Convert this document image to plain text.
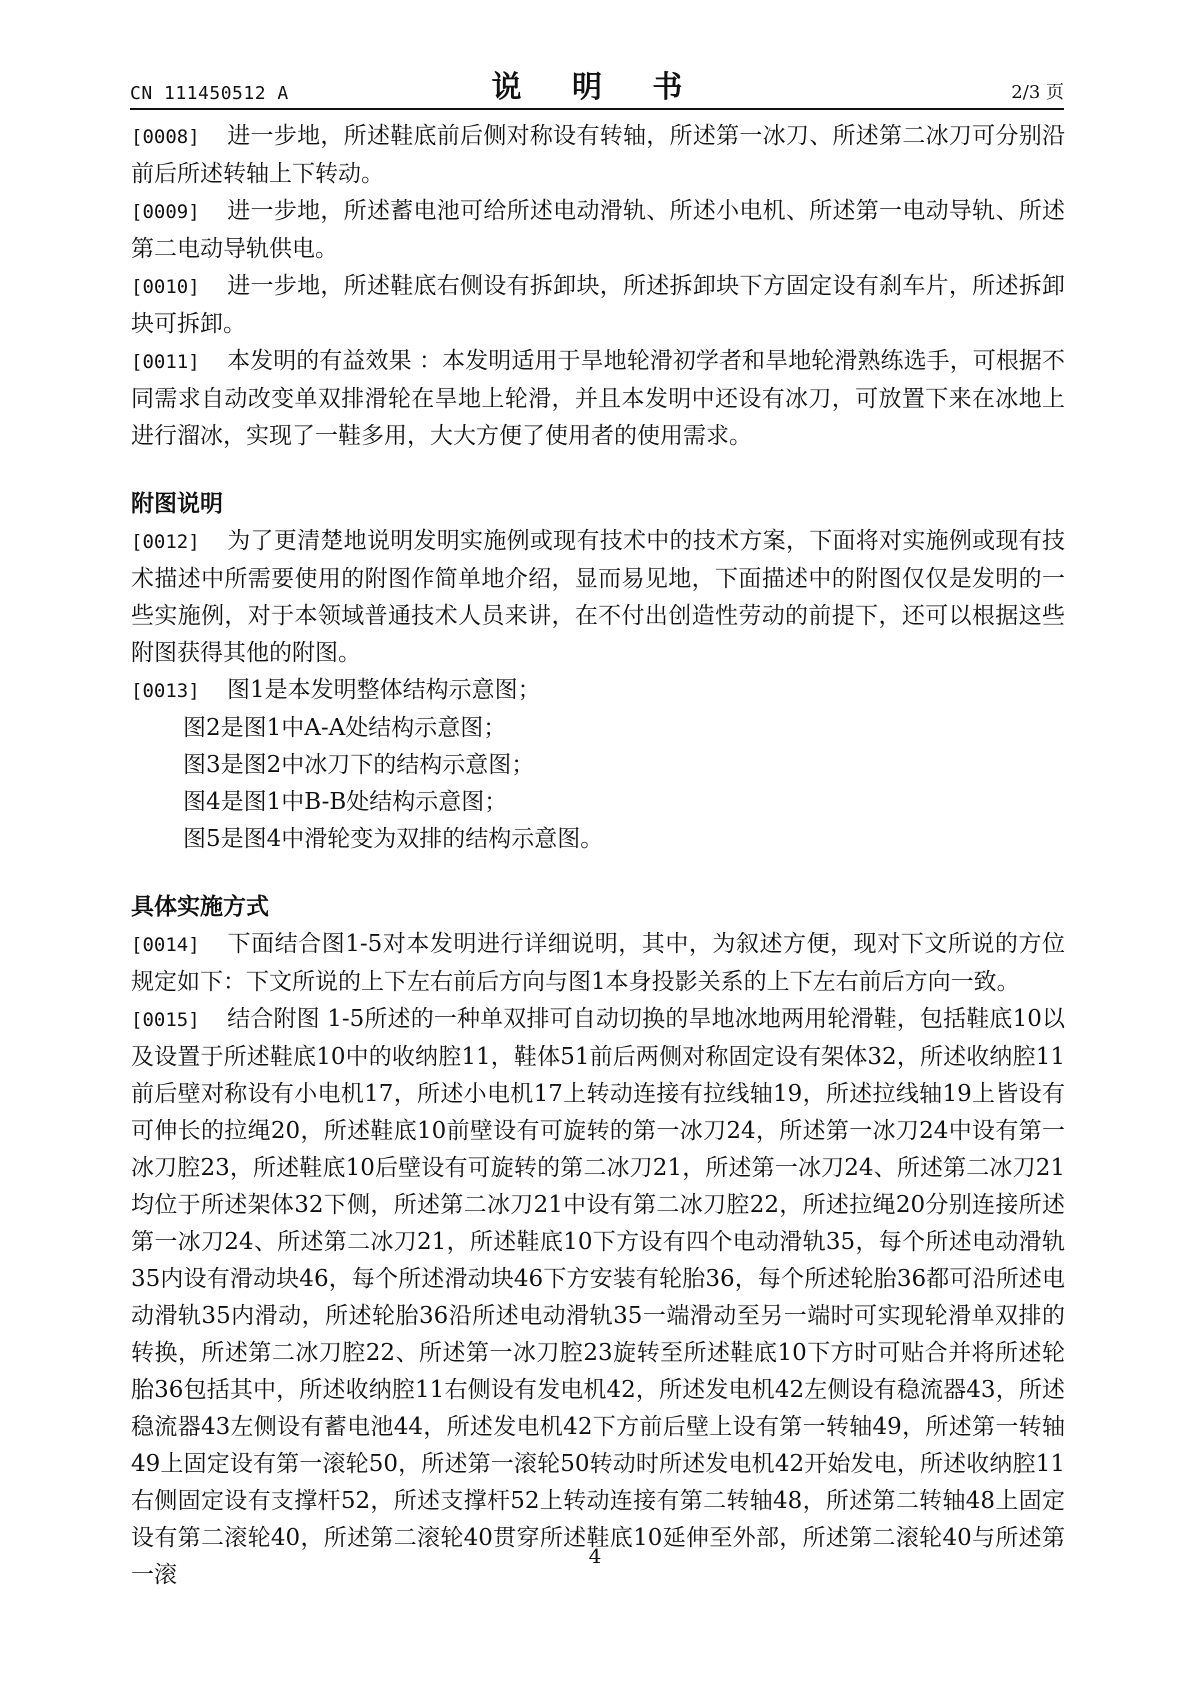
CN 111450512 A	说 明 书	2/3 页

[0008] 进一步地，所述鞋底前后侧对称设有转轴，所述第一冰刀、所述第二冰刀可分别沿前后所述转轴上下转动。

[0009] 进一步地，所述蓄电池可给所述电动滑轨、所述小电机、所述第一电动导轨、所述第二电动导轨供电。

[0010] 进一步地，所述鞋底右侧设有拆卸块，所述拆卸块下方固定设有刹车片，所述拆卸块可拆卸。

[0011] 本发明的有益效果 ：本发明适用于旱地轮滑初学者和旱地轮滑熟练选手，可根据不同需求自动改变单双排滑轮在旱地上轮滑，并且本发明中还设有冰刀，可放置下来在冰地上进行溜冰，实现了一鞋多用，大大方便了使用者的使用需求。

附图说明

[0012] 为了更清楚地说明发明实施例或现有技术中的技术方案，下面将对实施例或现有技术描述中所需要使用的附图作简单地介绍，显而易见地，下面描述中的附图仅仅是发明的一些实施例，对于本领域普通技术人员来讲，在不付出创造性劳动的前提下，还可以根据这些附图获得其他的附图。

[0013] 图1是本发明整体结构示意图；

图2是图1中A-A处结构示意图；

图3是图2中冰刀下的结构示意图；

图4是图1中B-B处结构示意图；

图5是图4中滑轮变为双排的结构示意图。

具体实施方式

[0014] 下面结合图1-5对本发明进行详细说明，其中，为叙述方便，现对下文所说的方位规定如下：下文所说的上下左右前后方向与图1本身投影关系的上下左右前后方向一致。

[0015] 结合附图 1-5所述的一种单双排可自动切换的旱地冰地两用轮滑鞋，包括鞋底10以及设置于所述鞋底10中的收纳腔11，鞋体51前后两侧对称固定设有架体32，所述收纳腔11前后壁对称设有小电机17，所述小电机17上转动连接有拉线轴19，所述拉线轴19上皆设有可伸长的拉绳20，所述鞋底10前壁设有可旋转的第一冰刀24，所述第一冰刀24中设有第一冰刀腔23，所述鞋底10后壁设有可旋转的第二冰刀21，所述第一冰刀24、所述第二冰刀21均位于所述架体32下侧，所述第二冰刀21中设有第二冰刀腔22，所述拉绳20分别连接所述第一冰刀24、所述第二冰刀21，所述鞋底10下方设有四个电动滑轨35，每个所述电动滑轨35内设有滑动块46，每个所述滑动块46下方安装有轮胎36，每个所述轮胎36都可沿所述电动滑轨35内滑动，所述轮胎36沿所述电动滑轨35一端滑动至另一端时可实现轮滑单双排的转换，所述第二冰刀腔22、所述第一冰刀腔23旋转至所述鞋底10下方时可贴合并将所述轮胎36包括其中，所述收纳腔11右侧设有发电机42，所述发电机42左侧设有稳流器43，所述稳流器43左侧设有蓄电池44，所述发电机42下方前后壁上设有第一转轴49，所述第一转轴49上固定设有第一滚轮50，所述第一滚轮50转动时所述发电机42开始发电，所述收纳腔11右侧固定设有支撑杆52，所述支撑杆52上转动连接有第二转轴48，所述第二转轴48上固定设有第二滚轮40，所述第二滚轮40贯穿所述鞋底10延伸至外部，所述第二滚轮40与所述第一滚

4
